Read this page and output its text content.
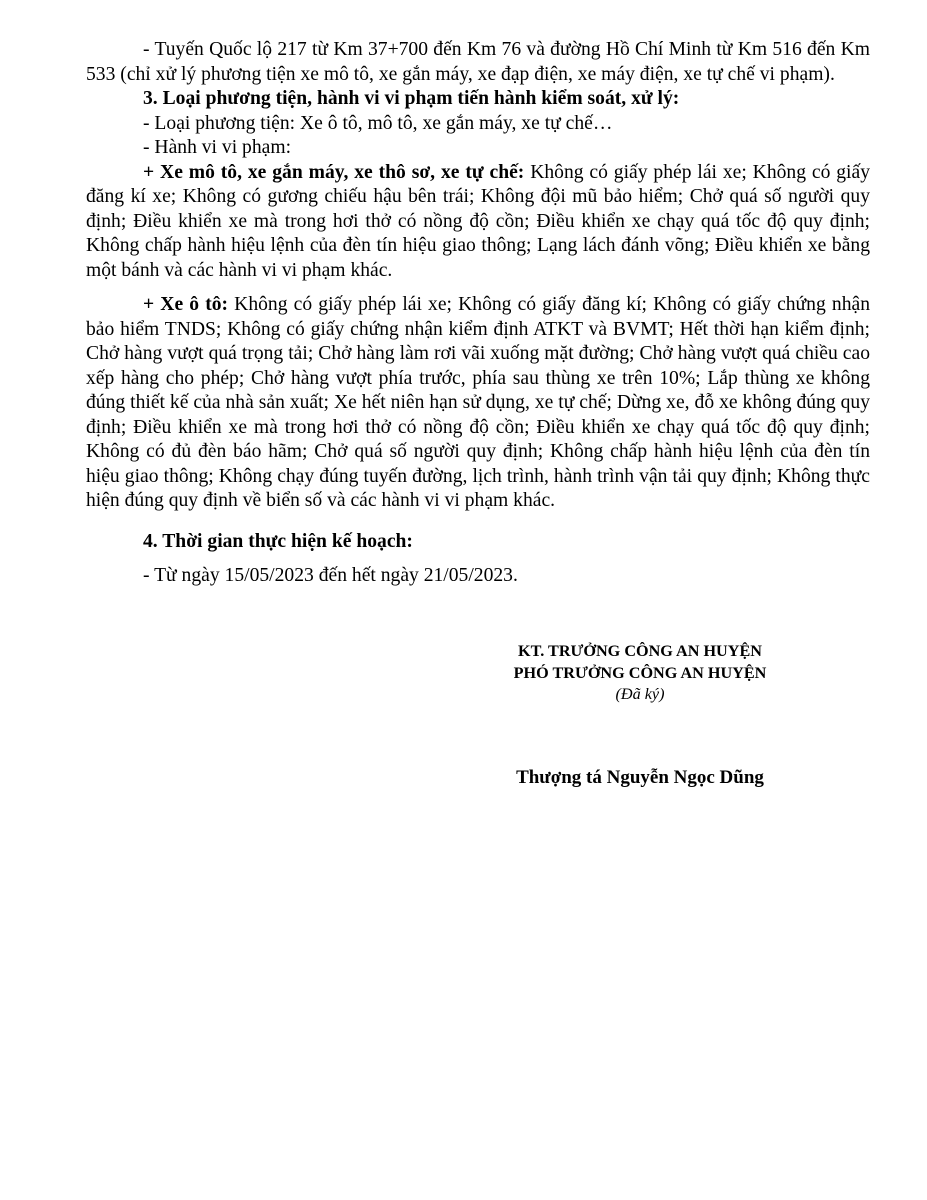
- Tuyến Quốc lộ 217 từ Km 37+700 đến Km 76 và đường Hồ Chí Minh từ Km 516 đến Km 533 (chỉ xử lý phương tiện xe mô tô, xe gắn máy, xe đạp điện, xe máy điện, xe tự chế vi phạm).

3. Loại phương tiện, hành vi vi phạm tiến hành kiểm soát, xử lý:

- Loại phương tiện: Xe ô tô, mô tô, xe gắn máy, xe tự chế…

- Hành vi vi phạm:

+ Xe mô tô, xe gắn máy, xe thô sơ, xe tự chế: Không có giấy phép lái xe; Không có giấy đăng kí xe; Không có gương chiếu hậu bên trái; Không đội mũ bảo hiểm; Chở quá số người quy định; Điều khiển xe mà trong hơi thở có nồng độ cồn; Điều khiển xe chạy quá tốc độ quy định; Không chấp hành hiệu lệnh của đèn tín hiệu giao thông; Lạng lách đánh võng; Điều khiển xe bằng một bánh và các hành vi vi phạm khác.

+ Xe ô tô: Không có giấy phép lái xe; Không có giấy đăng kí; Không có giấy chứng nhận bảo hiểm TNDS; Không có giấy chứng nhận kiểm định ATKT và BVMT; Hết thời hạn kiểm định; Chở hàng vượt quá trọng tải; Chở hàng làm rơi vãi xuống mặt đường; Chở hàng vượt quá chiều cao xếp hàng cho phép; Chở hàng vượt phía trước, phía sau thùng xe trên 10%; Lắp thùng xe không đúng thiết kế của nhà sản xuất; Xe hết niên hạn sử dụng, xe tự chế; Dừng xe, đỗ xe không đúng quy định; Điều khiển xe mà trong hơi thở có nồng độ cồn; Điều khiển xe chạy quá tốc độ quy định; Không có đủ đèn báo hãm; Chở quá số người quy định; Không chấp hành hiệu lệnh của đèn tín hiệu giao thông; Không chạy đúng tuyến đường, lịch trình, hành trình vận tải quy định; Không thực hiện đúng quy định về biển số và các hành vi vi phạm khác.

4. Thời gian thực hiện kế hoạch:

- Từ ngày 15/05/2023 đến hết ngày 21/05/2023.

KT. TRƯỞNG CÔNG AN HUYỆN
PHÓ TRƯỞNG CÔNG AN HUYỆN
(Đã ký)
Thượng tá Nguyễn Ngọc Dũng
